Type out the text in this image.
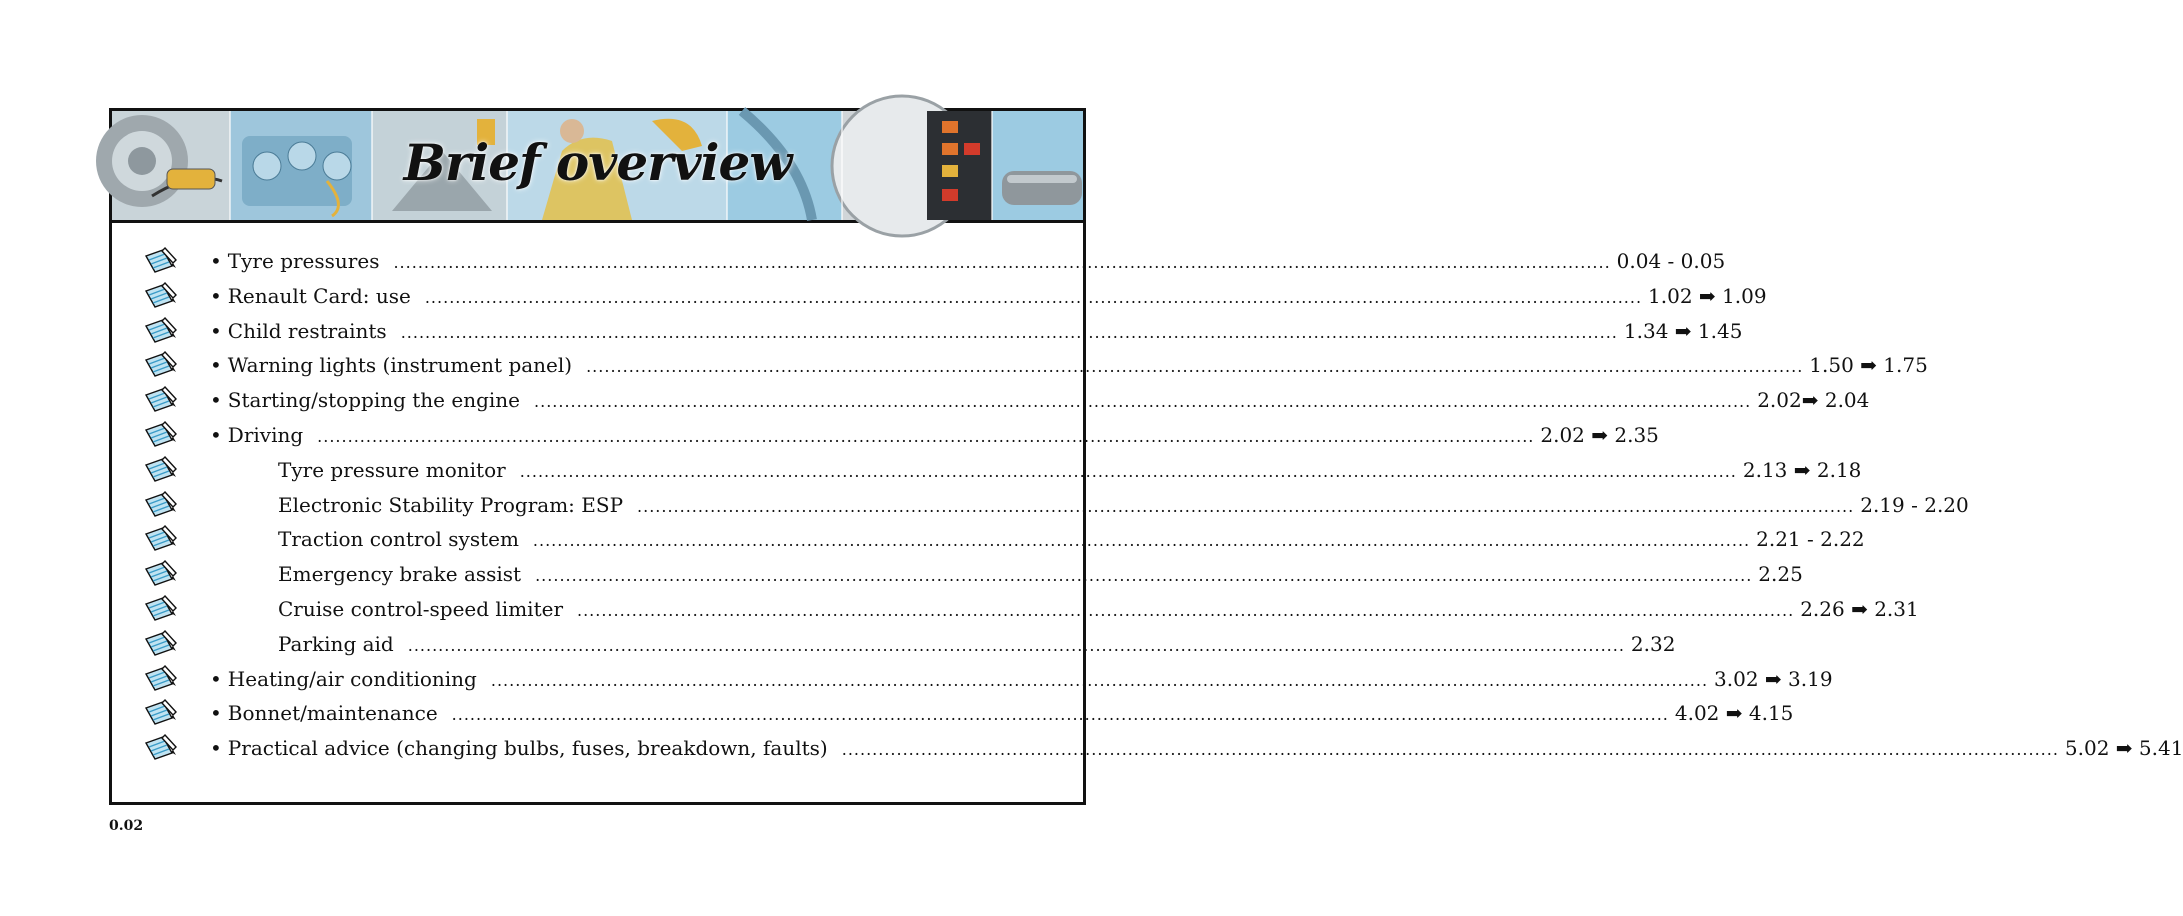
Brief overview
• Tyre pressures ........................................................................................................................................................................................................ 0.04 - 0.05
• Renault Card: use ........................................................................................................................................................................................................ 1.02 ➡ 1.09
• Child restraints ........................................................................................................................................................................................................ 1.34 ➡ 1.45
• Warning lights (instrument panel) ........................................................................................................................................................................................................ 1.50 ➡ 1.75
• Starting/stopping the engine ........................................................................................................................................................................................................ 2.02➡ 2.04
• Driving ........................................................................................................................................................................................................ 2.02 ➡ 2.35
Tyre pressure monitor ........................................................................................................................................................................................................ 2.13 ➡ 2.18
Electronic Stability Program: ESP ........................................................................................................................................................................................................ 2.19 - 2.20
Traction control system ........................................................................................................................................................................................................ 2.21 - 2.22
Emergency brake assist ........................................................................................................................................................................................................ 2.25
Cruise control-speed limiter ........................................................................................................................................................................................................ 2.26 ➡ 2.31
Parking aid ........................................................................................................................................................................................................ 2.32
• Heating/air conditioning ........................................................................................................................................................................................................ 3.02 ➡ 3.19
• Bonnet/maintenance ........................................................................................................................................................................................................ 4.02 ➡ 4.15
• Practical advice (changing bulbs, fuses, breakdown, faults) ........................................................................................................................................................................................................ 5.02 ➡ 5.41
0.02
